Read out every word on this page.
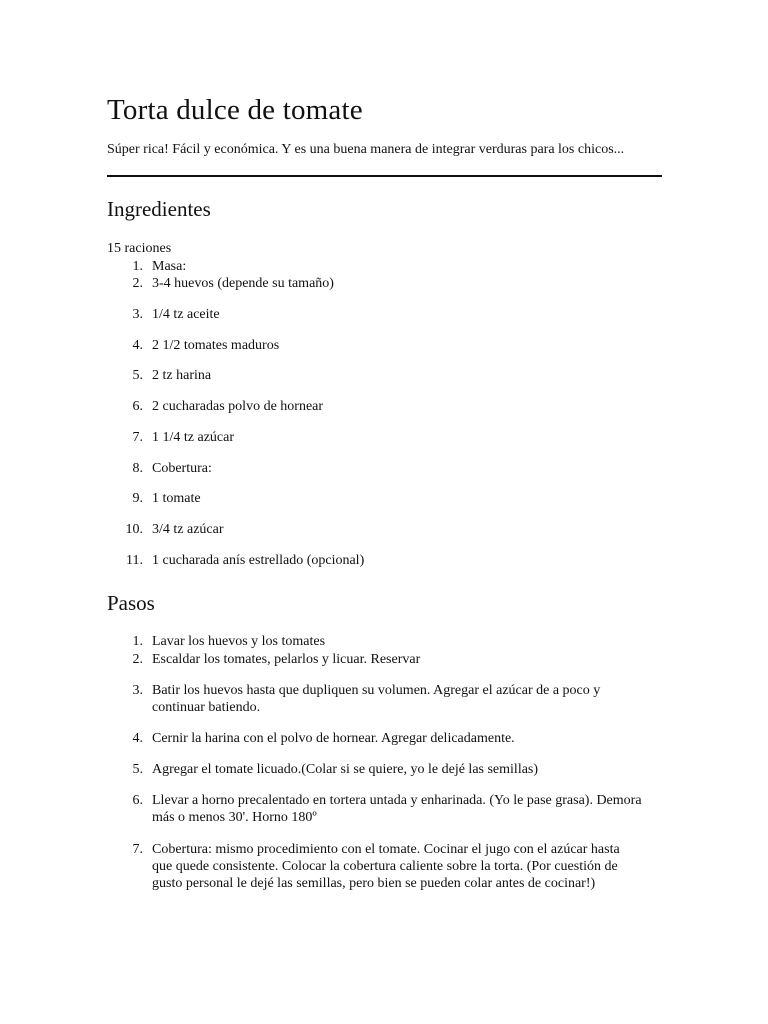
Torta dulce de tomate

Súper rica! Fácil y económica. Y es una buena manera de integrar verduras para los chicos...

Ingredientes

15 raciones

1. Masa:
2. 3-4 huevos (depende su tamaño)
3. 1/4 tz aceite
4. 2 1/2 tomates maduros
5. 2 tz harina
6. 2 cucharadas polvo de hornear
7. 1 1/4 tz azúcar
8. Cobertura:
9. 1 tomate
10. 3/4 tz azúcar
11. 1 cucharada anís estrellado (opcional)
Pasos
1. Lavar los huevos y los tomates
2. Escaldar los tomates, pelarlos y licuar. Reservar
3. Batir los huevos hasta que dupliquen su volumen. Agregar el azúcar de a poco y continuar batiendo.
4. Cernir la harina con el polvo de hornear. Agregar delicadamente.
5. Agregar el tomate licuado.(Colar si se quiere, yo le dejé las semillas)
6. Llevar a horno precalentado en tortera untada y enharinada. (Yo le pase grasa). Demora más o menos 30'. Horno 180º
7. Cobertura: mismo procedimiento con el tomate. Cocinar el jugo con el azúcar hasta que quede consistente. Colocar la cobertura caliente sobre la torta. (Por cuestión de gusto personal le dejé las semillas, pero bien se pueden colar antes de cocinar!)
